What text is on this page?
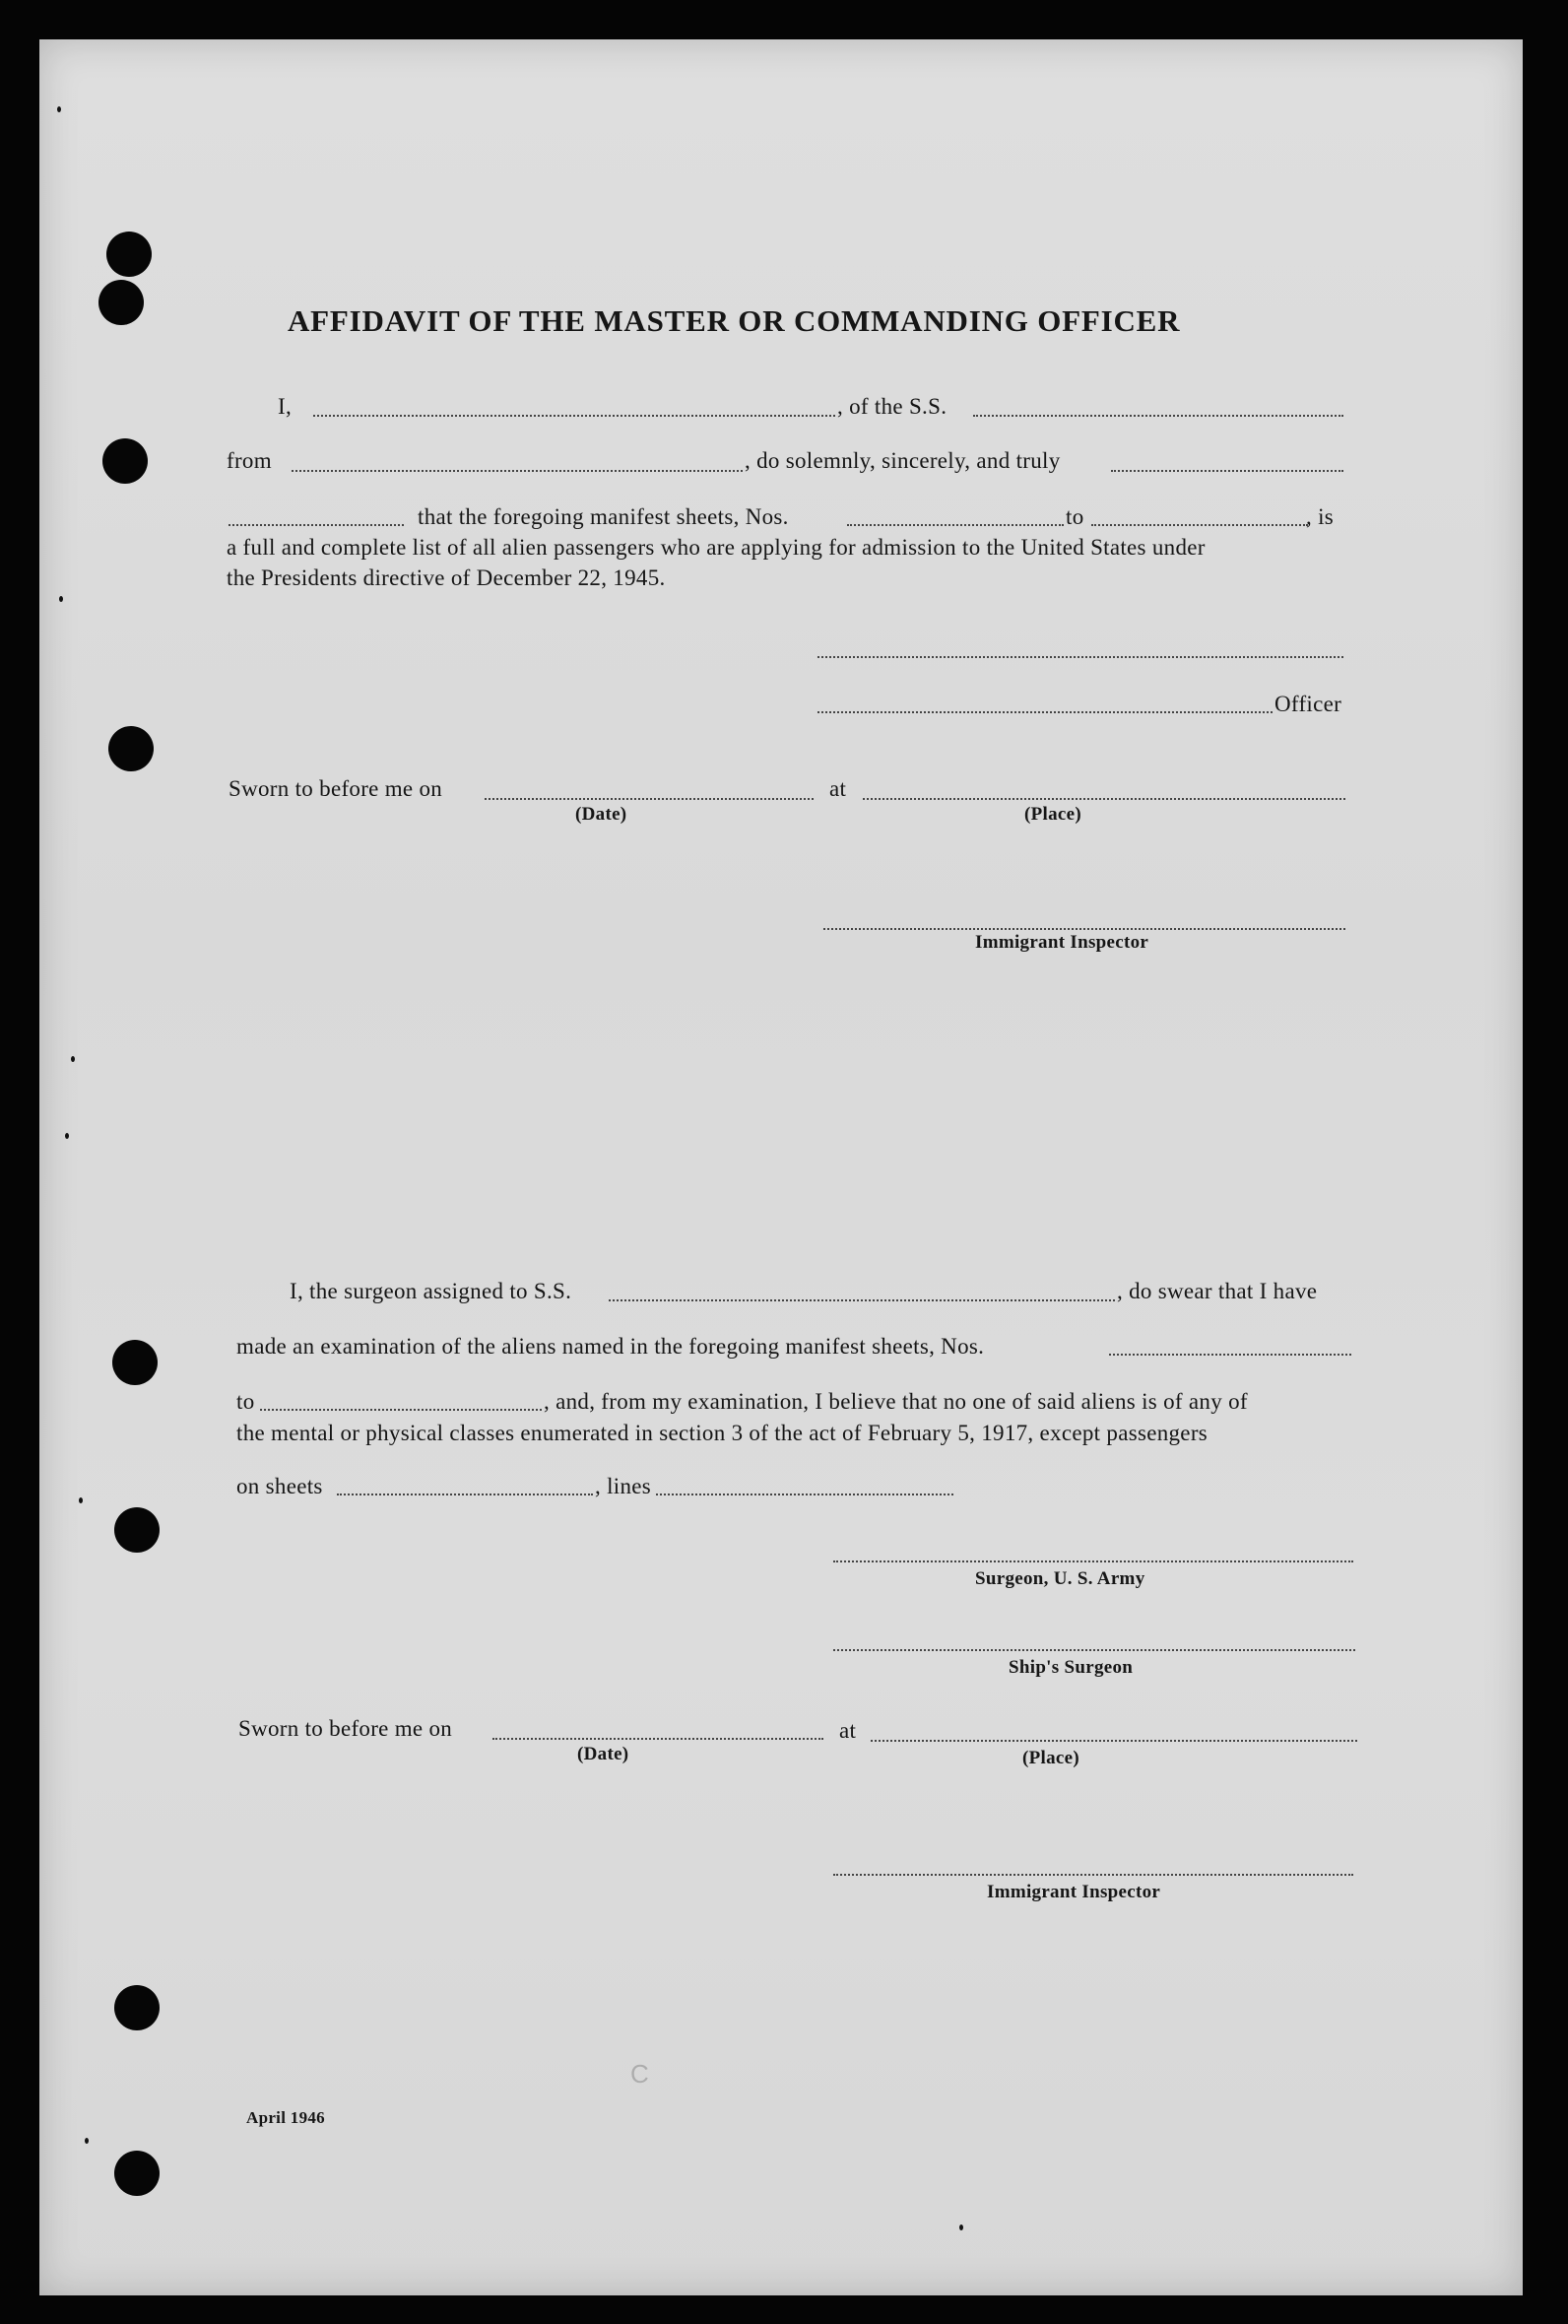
C
AFFIDAVIT OF THE MASTER OR COMMANDING OFFICER
I,	, of the S.S.
from	, do solemnly, sincerely, and truly
that the foregoing manifest sheets, Nos.	to	, is
a full and complete list of all alien passengers who are applying for admission to the United States under
the Presidents directive of December 22, 1945.
Officer
Sworn to before me on	at
(Date)	(Place)
Immigrant Inspector
I, the surgeon assigned to S.S.	, do swear that I have
made an examination of the aliens named in the foregoing manifest sheets, Nos.
to	, and, from my examination, I believe that no one of said aliens is of any of
the mental or physical classes enumerated in section 3 of the act of February 5, 1917, except passengers
on sheets	, lines
Surgeon, U. S. Army
Ship's Surgeon
Sworn to before me on	at
(Date)	(Place)
Immigrant Inspector
April 1946
